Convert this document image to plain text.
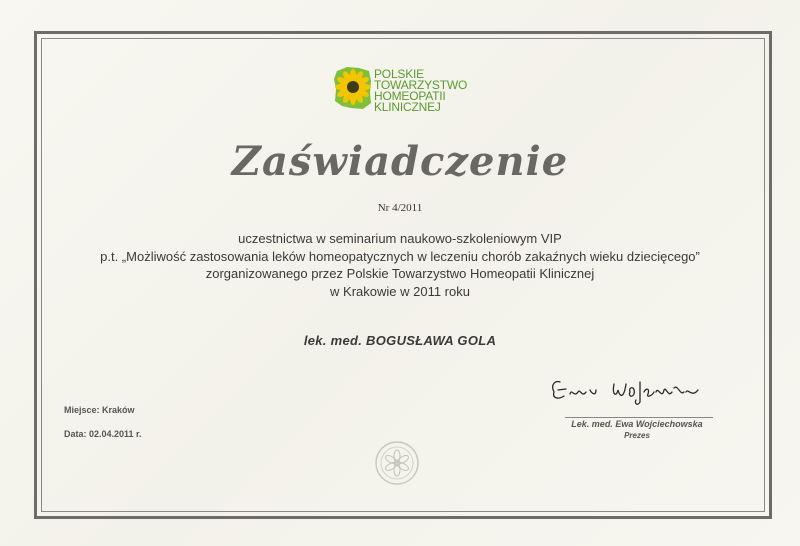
POLSKIE
TOWARZYSTWO
HOMEOPATII
KLINICZNEJ
Zaświadczenie
Nr 4/2011
uczestnictwa w seminarium naukowo-szkoleniowym VIP
p.t. „Możliwość zastosowania leków homeopatycznych w leczeniu chorób zakaźnych wieku dziecięcego”
zorganizowanego przez Polskie Towarzystwo Homeopatii Klinicznej
w Krakowie w 2011 roku
lek. med. BOGUSŁAWA GOLA
Miejsce: Kraków
Data: 02.04.2011 r.
Lek. med. Ewa Wojciechowska
Prezes
